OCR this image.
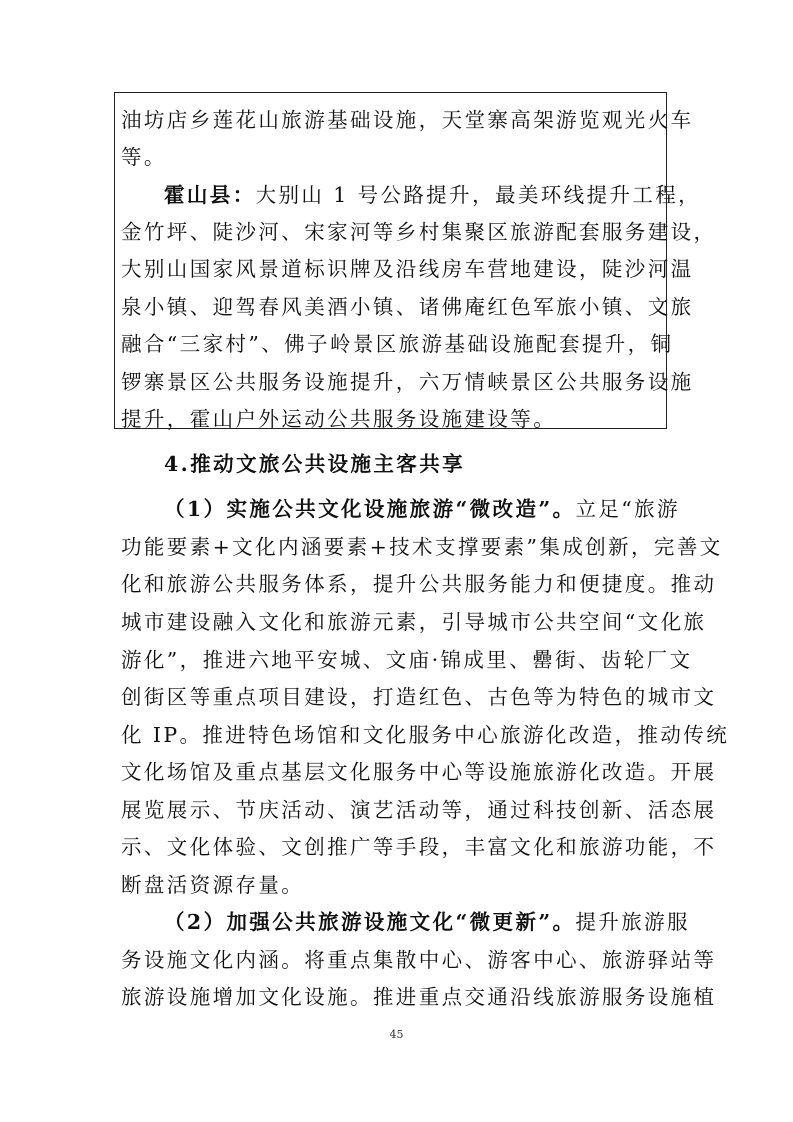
油坊店乡莲花山旅游基础设施，天堂寨高架游览观光火车
等。
霍山县：大别山 1 号公路提升，最美环线提升工程，
金竹坪、陡沙河、宋家河等乡村集聚区旅游配套服务建设，
大别山国家风景道标识牌及沿线房车营地建设，陡沙河温
泉小镇、迎驾春风美酒小镇、诸佛庵红色军旅小镇、文旅
融合“三家村”、佛子岭景区旅游基础设施配套提升，铜
锣寨景区公共服务设施提升，六万情峡景区公共服务设施
提升，霍山户外运动公共服务设施建设等。
4.推动文旅公共设施主客共享
（1）实施公共文化设施旅游“微改造”。立足“旅游
功能要素+文化内涵要素+技术支撑要素”集成创新，完善文
化和旅游公共服务体系，提升公共服务能力和便捷度。推动
城市建设融入文化和旅游元素，引导城市公共空间“文化旅
游化”，推进六地平安城、文庙·锦成里、罍街、齿轮厂文
创街区等重点项目建设，打造红色、古色等为特色的城市文
化 IP。推进特色场馆和文化服务中心旅游化改造，推动传统
文化场馆及重点基层文化服务中心等设施旅游化改造。开展
展览展示、节庆活动、演艺活动等，通过科技创新、活态展
示、文化体验、文创推广等手段，丰富文化和旅游功能，不
断盘活资源存量。
（2）加强公共旅游设施文化“微更新”。提升旅游服
务设施文化内涵。将重点集散中心、游客中心、旅游驿站等
旅游设施增加文化设施。推进重点交通沿线旅游服务设施植
45
